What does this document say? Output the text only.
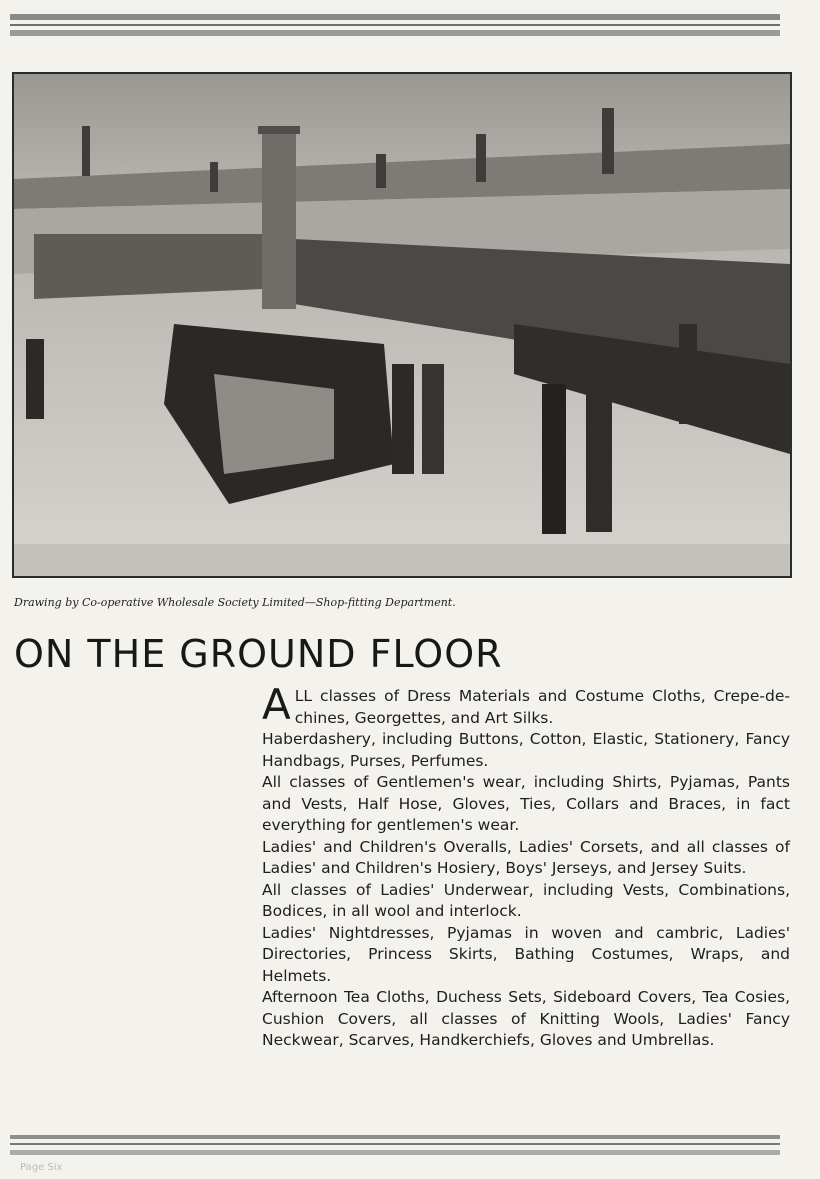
Drawing by Co-operative Wholesale Society Limited—Shop-fitting Department.
ON THE GROUND FLOOR

ALL classes of Dress Materials and Costume Cloths, Crepe-de-chines, Georgettes, and Art Silks.

Haberdashery, including Buttons, Cotton, Elastic, Stationery, Fancy Handbags, Purses, Perfumes.

All classes of Gentlemen's wear, including Shirts, Pyjamas, Pants and Vests, Half Hose, Gloves, Ties, Collars and Braces, in fact everything for gentlemen's wear.

Ladies' and Children's Overalls, Ladies' Corsets, and all classes of Ladies' and Children's Hosiery, Boys' Jerseys, and Jersey Suits.

All classes of Ladies' Underwear, including Vests, Combinations, Bodices, in all wool and interlock.

Ladies' Nightdresses, Pyjamas in woven and cambric, Ladies' Directories, Princess Skirts, Bathing Costumes, Wraps, and Helmets.

Afternoon Tea Cloths, Duchess Sets, Sideboard Covers, Tea Cosies, Cushion Covers, all classes of Knitting Wools, Ladies' Fancy Neckwear, Scarves, Handkerchiefs, Gloves and Umbrellas.

Page Six
